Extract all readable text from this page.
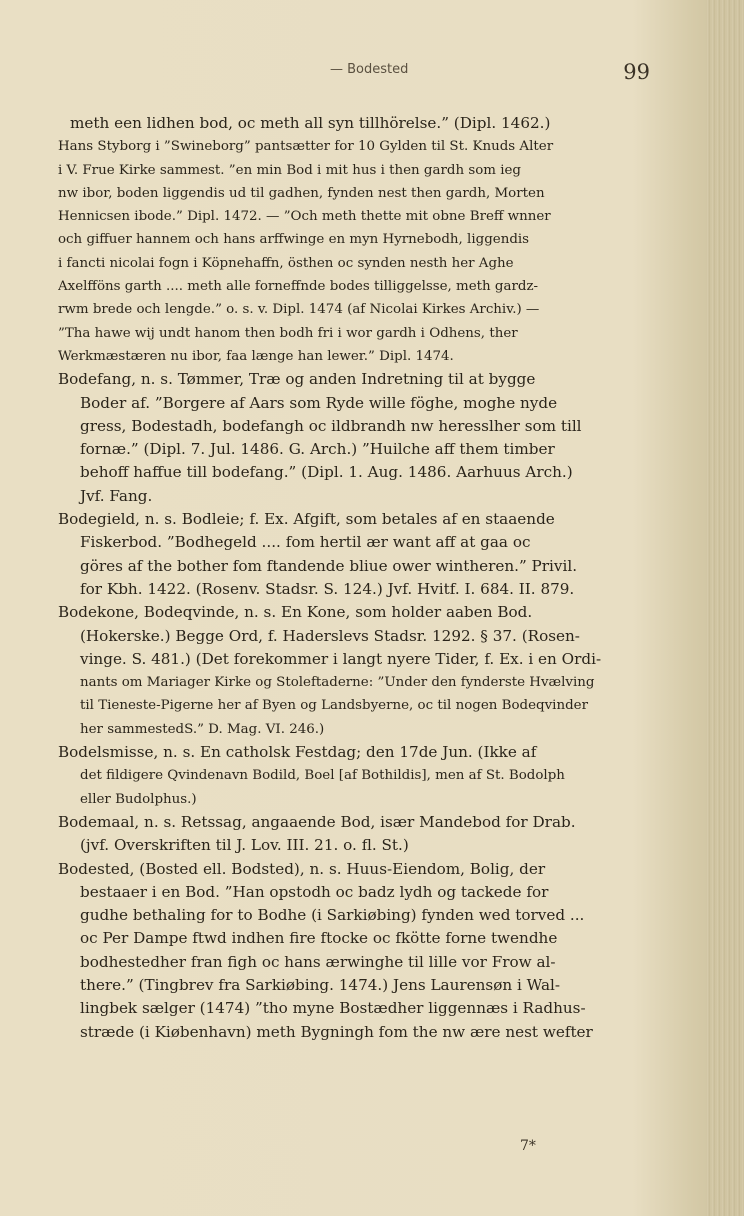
— Bodested	99
meth een lidhen bod, oc meth all syn tillhörelse.” (Dipl. 1462.)
Hans Styborg i ”Swineborg” pantsætter for 10 Gylden til St. Knuds Alter
i V. Frue Kirke sammest. ”en min Bod i mit hus i then gardh som ieg
nw ibor, boden liggendis ud til gadhen, fynden nest then gardh, Morten
Hennicsen ibode.” Dipl. 1472. — ”Och meth thette mit obne Breff wnner
och giffuer hannem och hans arffwinge en myn Hyrnebodh, liggendis
i fancti nicolai fogn i Köpnehaffn, östhen oc synden nesth her Aghe
Axelfföns garth .... meth alle forneffnde bodes tilliggelsse, meth gardz-
rwm brede och lengde.” o. s. v. Dipl. 1474 (af Nicolai Kirkes Archiv.) —
”Tha hawe wij undt hanom then bodh fri i wor gardh i Odhens, ther
Werkmæstæren nu ibor, faa længe han lewer.” Dipl. 1474.
Bodefang, n. s. Tømmer, Træ og anden Indretning til at bygge
Boder af. ”Borgere af Aars som Ryde wille föghe, moghe nyde
gress, Bodestadh, bodefangh oc ildbrandh nw heresslher som till
fornæ.” (Dipl. 7. Jul. 1486. G. Arch.) ”Huilche aff them timber
behoff haffue till bodefang.” (Dipl. 1. Aug. 1486. Aarhuus Arch.)
Jvf. Fang.
Bodegield, n. s. Bodleie; f. Ex. Afgift, som betales af en staaende
Fiskerbod. ”Bodhegeld .... fom hertil ær want aff at gaa oc
göres af the bother fom ftandende bliue ower wintheren.” Privil.
for Kbh. 1422. (Rosenv. Stadsr. S. 124.) Jvf. Hvitf. I. 684. II. 879.
Bodekone, Bodeqvinde, n. s. En Kone, som holder aaben Bod.
(Hokerske.) Begge Ord, f. Haderslevs Stadsr. 1292. § 37. (Rosen-
vinge. S. 481.) (Det forekommer i langt nyere Tider, f. Ex. i en Ordi-
nants om Mariager Kirke og Stoleftaderne: ”Under den fynderste Hvælving
til Tieneste-Pigerne her af Byen og Landsbyerne, oc til nogen Bodeqvinder
her sammestedS.” D. Mag. VI. 246.)
Bodelsmisse, n. s. En catholsk Festdag; den 17de Jun. (Ikke af
det fildigere Qvindenavn Bodild, Boel [af Bothildis], men af St. Bodolph
eller Budolphus.)
Bodemaal, n. s. Retssag, angaaende Bod, især Mandebod for Drab.
(jvf. Overskriften til J. Lov. III. 21. o. fl. St.)
Bodested, (Bosted ell. Bodsted), n. s. Huus-Eiendom, Bolig, der
bestaaer i en Bod. ”Han opstodh oc badz lydh og tackede for
gudhe bethaling for to Bodhe (i Sarkiøbing) fynden wed torved ...
oc Per Dampe ftwd indhen fire ftocke oc fkötte forne twendhe
bodhestedher fran figh oc hans ærwinghe til lille vor Frow al-
there.” (Tingbrev fra Sarkiøbing. 1474.) Jens Laurensøn i Wal-
lingbek sælger (1474) ”tho myne Bostædher liggennæs i Radhus-
stræde (i Kiøbenhavn) meth Bygningh fom the nw ære nest wefter
7*
